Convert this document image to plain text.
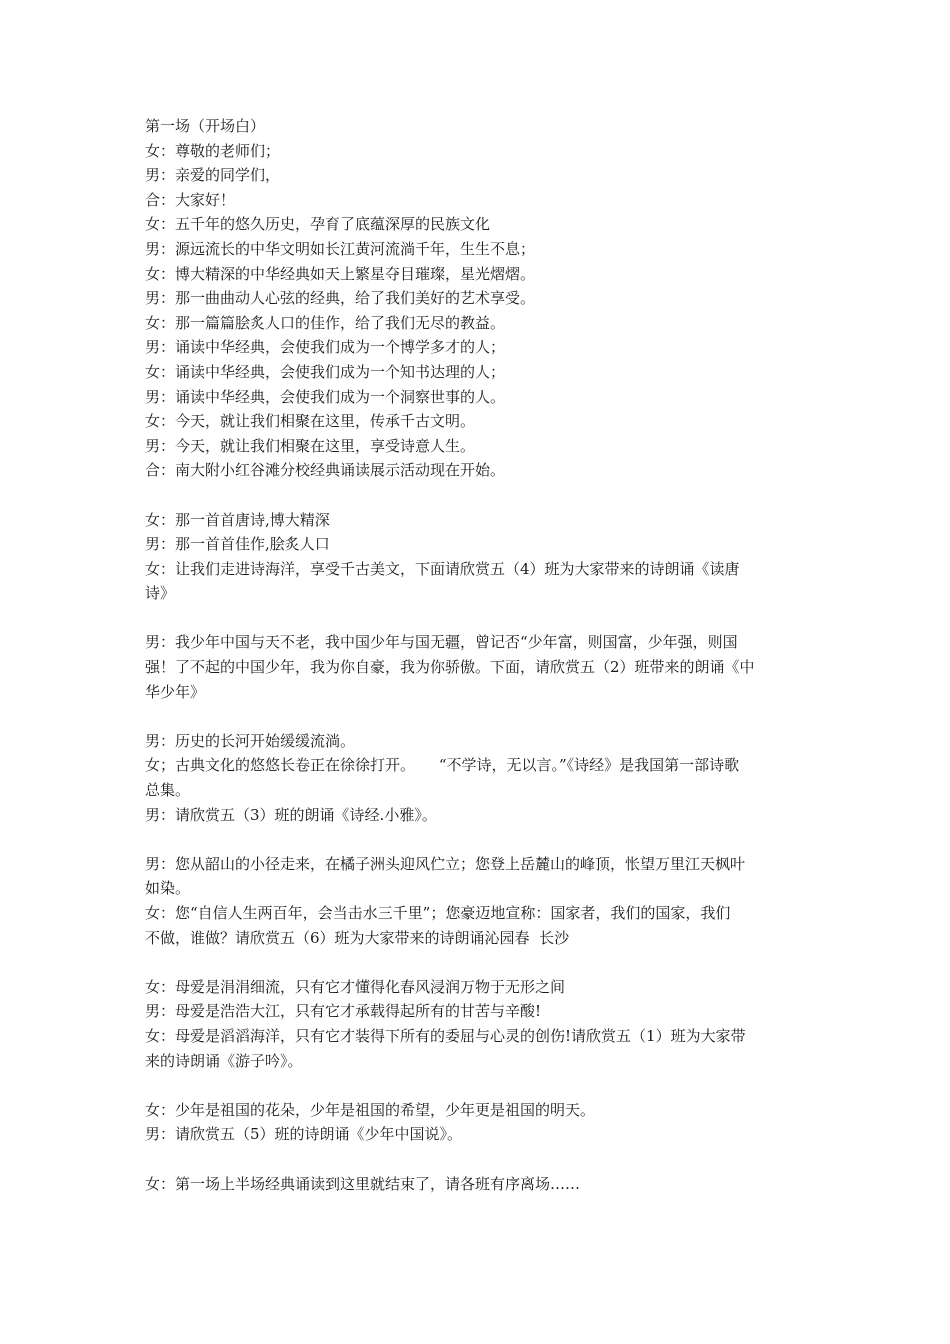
第一场（开场白）
女：尊敬的老师们；
男：亲爱的同学们，
合：大家好！
女：五千年的悠久历史，孕育了底蕴深厚的民族文化
男：源远流长的中华文明如长江黄河流淌千年，生生不息；
女：博大精深的中华经典如天上繁星夺目璀璨，星光熠熠。
男：那一曲曲动人心弦的经典，给了我们美好的艺术享受。
女：那一篇篇脍炙人口的佳作，给了我们无尽的教益。
男：诵读中华经典，会使我们成为一个博学多才的人；
女：诵读中华经典，会使我们成为一个知书达理的人；
男：诵读中华经典，会使我们成为一个洞察世事的人。
女：今天，就让我们相聚在这里，传承千古文明。
男：今天，就让我们相聚在这里，享受诗意人生。
合：南大附小红谷滩分校经典诵读展示活动现在开始。
女：那一首首唐诗,博大精深
男：那一首首佳作,脍炙人口
女：让我们走进诗海洋，享受千古美文，下面请欣赏五（4）班为大家带来的诗朗诵《读唐
诗》
男：我少年中国与天不老，我中国少年与国无疆，曾记否“少年富，则国富，少年强，则国
强！了不起的中国少年，我为你自豪，我为你骄傲。下面，请欣赏五（2）班带来的朗诵《中
华少年》
男：历史的长河开始缓缓流淌。
女；古典文化的悠悠长卷正在徐徐打开。     “不学诗，无以言。”《诗经》是我国第一部诗歌
总集。
男：请欣赏五（3）班的朗诵《诗经.小雅》。
男：您从韶山的小径走来，在橘子洲头迎风伫立；您登上岳麓山的峰顶，怅望万里江天枫叶
如染。
女：您“自信人生两百年，会当击水三千里”；您豪迈地宣称：国家者，我们的国家，我们
不做，谁做？请欣赏五（6）班为大家带来的诗朗诵沁园春  长沙
女：母爱是涓涓细流，只有它才懂得化春风浸润万物于无形之间
男：母爱是浩浩大江，只有它才承载得起所有的甘苦与辛酸!
女：母爱是滔滔海洋，只有它才装得下所有的委屈与心灵的创伤!请欣赏五（1）班为大家带
来的诗朗诵《游子吟》。
女：少年是祖国的花朵，少年是祖国的希望，少年更是祖国的明天。
男：请欣赏五（5）班的诗朗诵《少年中国说》。
女：第一场上半场经典诵读到这里就结束了，请各班有序离场……
